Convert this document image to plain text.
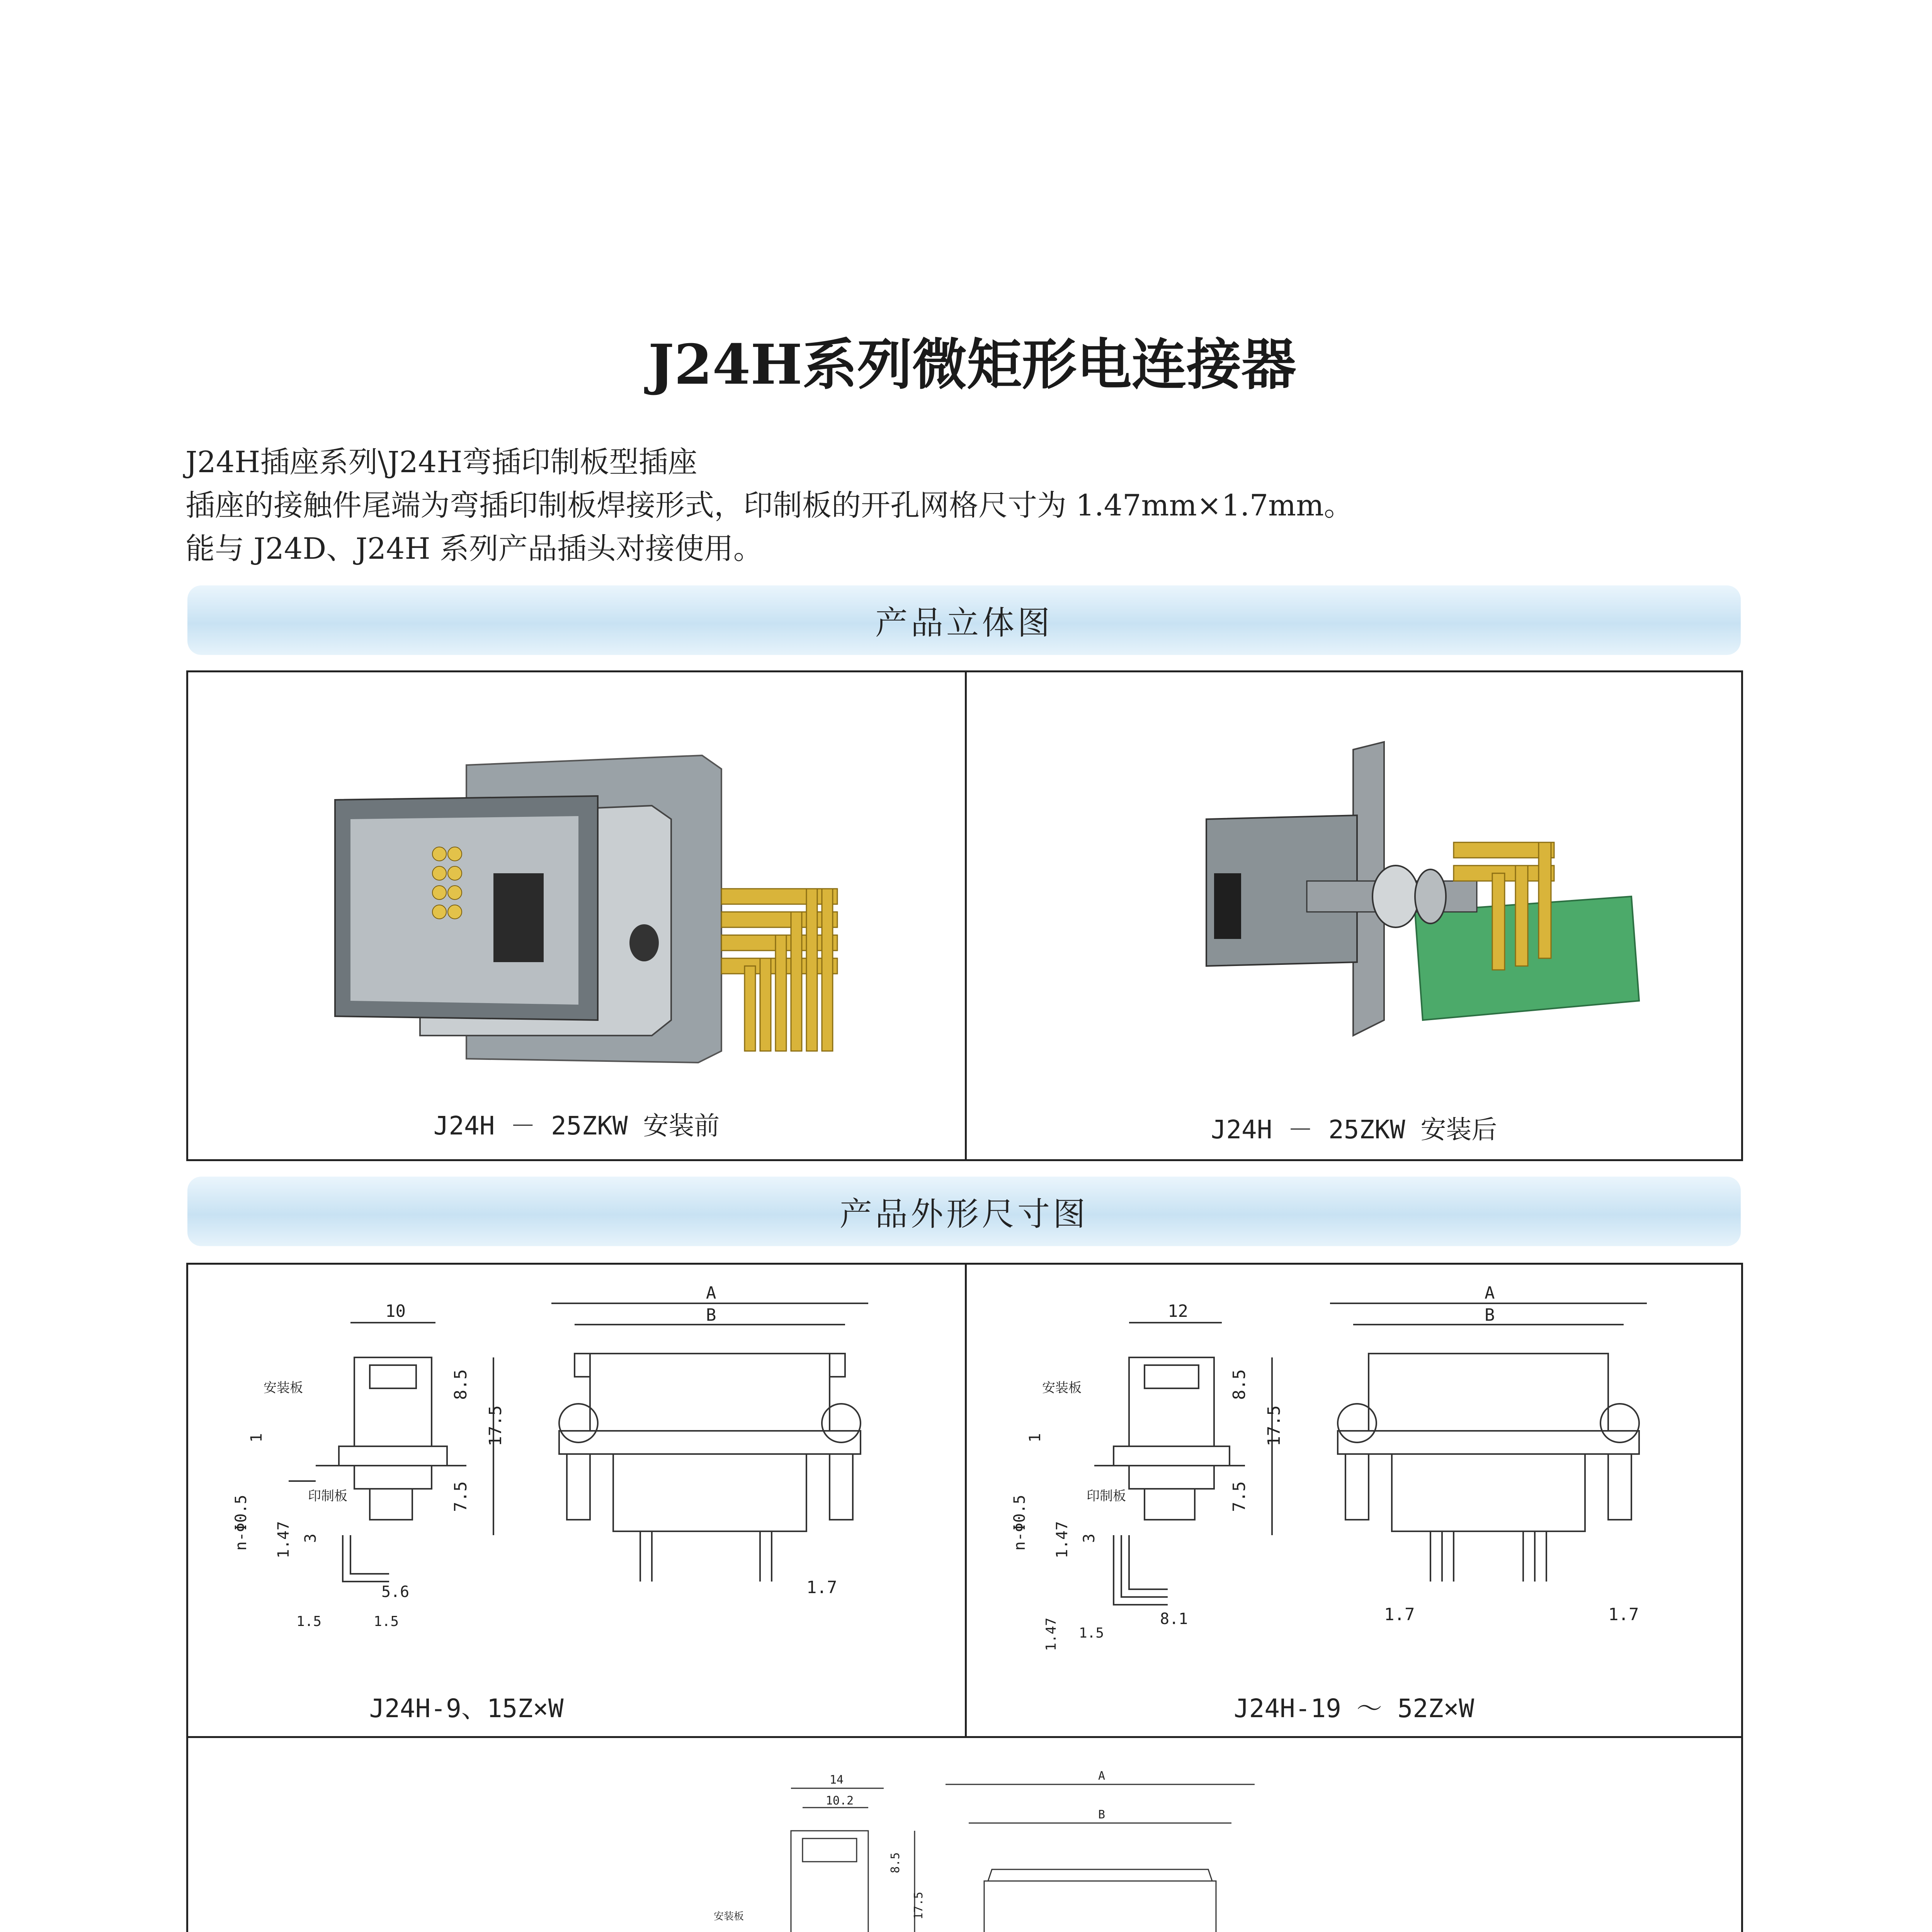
J24H系列微矩形电连接器

J24H插座系列\J24H弯插印制板型插座

插座的接触件尾端为弯插印制板焊接形式，印制板的开孔网格尺寸为 1.47mm×1.7mm。

能与 J24D、J24H 系列产品插头对接使用。

产品立体图
J24H － 25ZKW 安装前	J24H － 25ZKW 安装后
产品外形尺寸图
10
8.5
17.5
7.5
安装板
印制板
1
n-Φ0.5 1.47 3
5.6
1.5	1.5
A
B
1.7
J24H-9、15Z×W
12
8.5
17.5
7.5
安装板
印制板
1
n-Φ0.5 1.47 3
8.1
1.5
1.47
A
B
1.7	1.7
J24H-19 ～ 52Z×W
14
10.2
8.5
17.5
安装板
A
B
